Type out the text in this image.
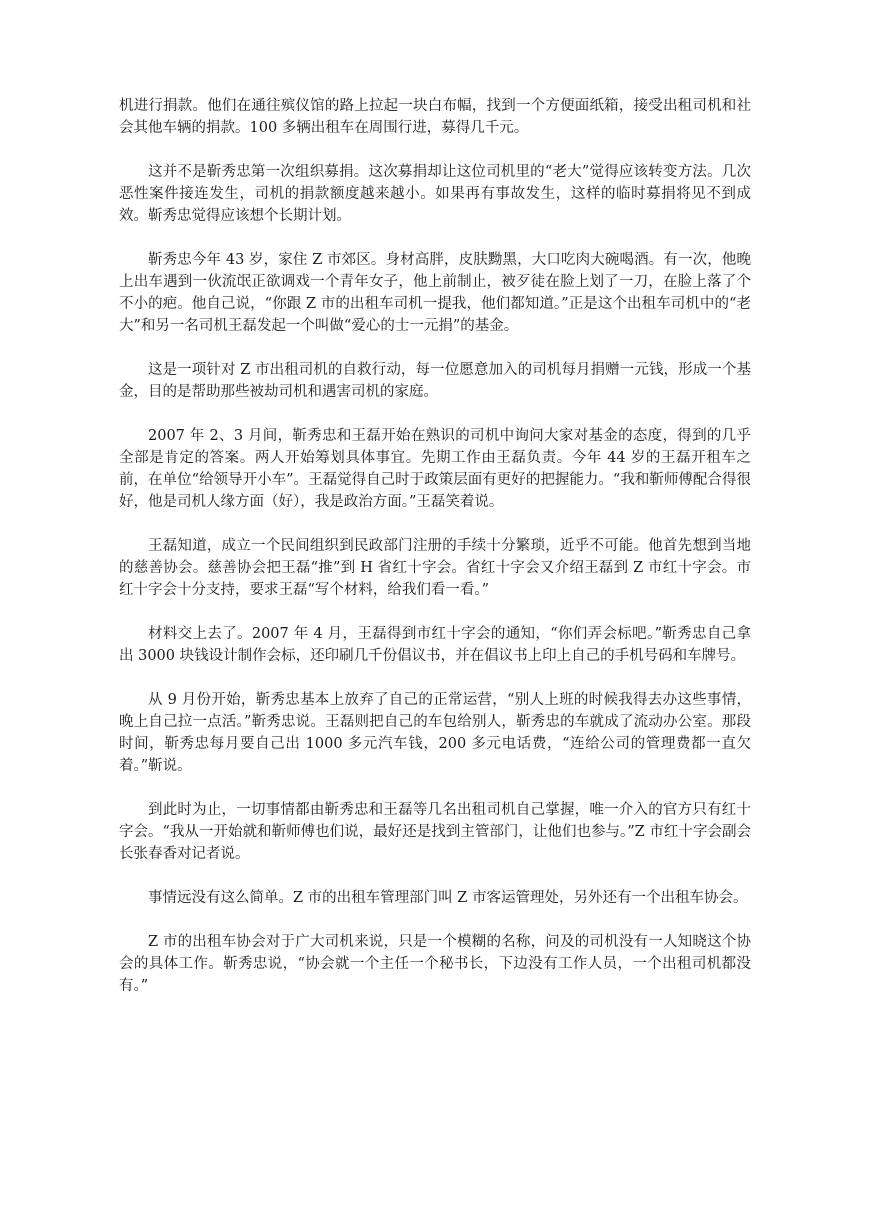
机进行捐款。他们在通往殡仪馆的路上拉起一块白布幅，找到一个方便面纸箱，接受出租司机和社会其他车辆的捐款。100 多辆出租车在周围行进，募得几千元。

这并不是靳秀忠第一次组织募捐。这次募捐却让这位司机里的“老大”觉得应该转变方法。几次恶性案件接连发生，司机的捐款额度越来越小。如果再有事故发生，这样的临时募捐将见不到成效。靳秀忠觉得应该想个长期计划。

靳秀忠今年 43 岁，家住 Z 市郊区。身材高胖，皮肤黝黑，大口吃肉大碗喝酒。有一次，他晚上出车遇到一伙流氓正欲调戏一个青年女子，他上前制止，被歹徒在脸上划了一刀，在脸上落了个不小的疤。他自己说，“你跟 Z 市的出租车司机一提我，他们都知道。”正是这个出租车司机中的“老大”和另一名司机王磊发起一个叫做“爱心的士一元捐”的基金。

这是一项针对 Z 市出租司机的自救行动，每一位愿意加入的司机每月捐赠一元钱，形成一个基金，目的是帮助那些被劫司机和遇害司机的家庭。

2007 年 2、3 月间，靳秀忠和王磊开始在熟识的司机中询问大家对基金的态度，得到的几乎全部是肯定的答案。两人开始筹划具体事宜。先期工作由王磊负责。今年 44 岁的王磊开租车之前，在单位“给领导开小车”。王磊觉得自己时于政策层面有更好的把握能力。“我和靳师傅配合得很好，他是司机人缘方面（好），我是政治方面。”王磊笑着说。

王磊知道，成立一个民间组织到民政部门注册的手续十分繁琐，近乎不可能。他首先想到当地的慈善协会。慈善协会把王磊“推”到 H 省红十字会。省红十字会又介绍王磊到 Z 市红十字会。市红十字会十分支持，要求王磊“写个材料，给我们看一看。”

材料交上去了。2007 年 4 月，王磊得到市红十字会的通知，“你们弄会标吧。”靳秀忠自己拿出 3000 块钱设计制作会标，还印刷几千份倡议书，并在倡议书上印上自己的手机号码和车牌号。

从 9 月份开始，靳秀忠基本上放弃了自己的正常运营，“别人上班的时候我得去办这些事情，晚上自己拉一点活。”靳秀忠说。王磊则把自己的车包给别人，靳秀忠的车就成了流动办公室。那段时间，靳秀忠每月要自己出 1000 多元汽车钱，200 多元电话费，“连给公司的管理费都一直欠着。”靳说。

到此时为止，一切事情都由靳秀忠和王磊等几名出租司机自己掌握，唯一介入的官方只有红十字会。“我从一开始就和靳师傅也们说，最好还是找到主管部门，让他们也参与。”Z 市红十字会副会长张春香对记者说。

事情远没有这么简单。Z 市的出租车管理部门叫 Z 市客运管理处，另外还有一个出租车协会。

Z 市的出租车协会对于广大司机来说，只是一个模糊的名称，问及的司机没有一人知晓这个协会的具体工作。靳秀忠说，“协会就一个主任一个秘书长，下边没有工作人员，一个出租司机都没有。”
